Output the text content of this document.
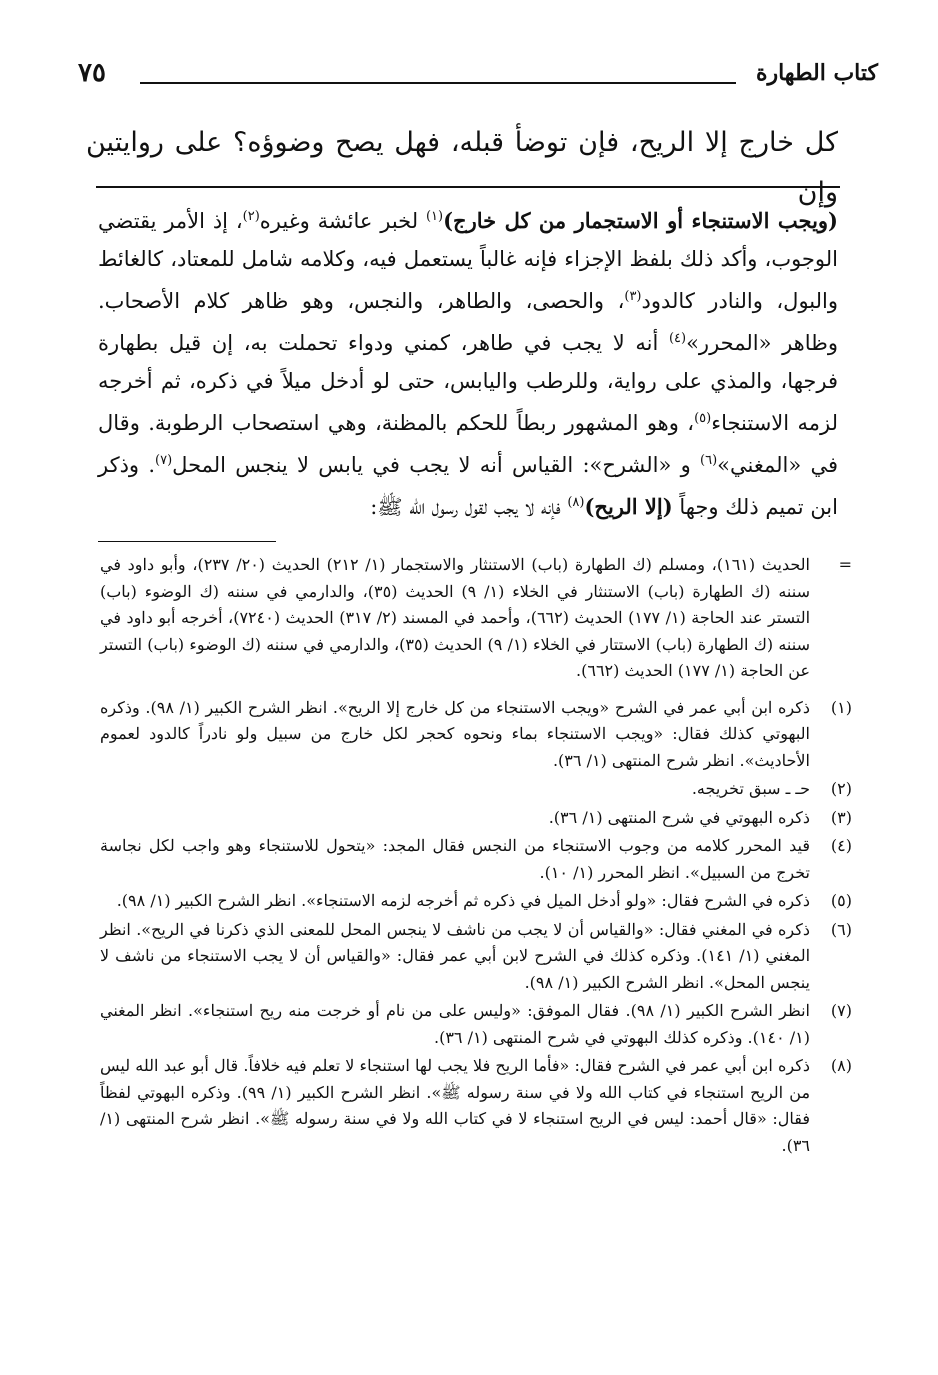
كتاب الطهارة
٧٥
كل خارج إلا الريح، فإن توضأ قبله، فهل يصح وضوؤه؟ على روايتين وإن
(ويجب الاستنجاء أو الاستجمار من كل خارج)$^{(١)}$ لخبر عائشة وغيره$^{(٢)}$، إذ الأمر يقتضي الوجوب، وأكد ذلك بلفظ الإجزاء فإنه غالباً يستعمل فيه، وكلامه شامل للمعتاد، كالغائط والبول، والنادر كالدود$^{(٣)}$، والحصى، والطاهر، والنجس، وهو ظاهر كلام الأصحاب. وظاهر «المحرر»$^{(٤)}$ أنه لا يجب في طاهر، كمني ودواء تحملت به، إن قيل بطهارة فرجها، والمذي على رواية، وللرطب واليابس، حتى لو أدخل ميلاً في ذكره، ثم أخرجه لزمه الاستنجاء$^{(٥)}$، وهو المشهور ربطاً للحكم بالمظنة، وهي استصحاب الرطوبة. وقال في «المغني»$^{(٦)}$ و «الشرح»: القياس أنه لا يجب في يابس لا ينجس المحل$^{(٧)}$. وذكر ابن تميم ذلك وجهاً (إلا الريح)$^{(٨)}$ فإنه لا يجب لقول رسول الله ﷺ:
=
الحديث (١٦١)، ومسلم (ك الطهارة (باب) الاستنثار والاستجمار (١/ ٢١٢) الحديث (٢٠/ ٢٣٧)، وأبو داود في سننه (ك الطهارة (باب) الاستنثار في الخلاء (١/ ٩) الحديث (٣٥)، والدارمي في سننه (ك الوضوء (باب) التستر عند الحاجة (١/ ١٧٧) الحديث (٦٦٢)، وأحمد في المسند (٢/ ٣١٧) الحديث (٧٢٤٠)، أخرجه أبو داود في سننه (ك الطهارة (باب) الاستتار في الخلاء (١/ ٩) الحديث (٣٥)، والدارمي في سننه (ك الوضوء (باب) التستر عن الحاجة (١/ ١٧٧) الحديث (٦٦٢).
(١)
ذكره ابن أبي عمر في الشرح «ويجب الاستنجاء من كل خارج إلا الريح». انظر الشرح الكبير (١/ ٩٨). وذكره البهوتي كذلك فقال: «ويجب الاستنجاء بماء ونحوه كحجر لكل خارج من سبيل ولو نادراً كالدود لعموم الأحاديث». انظر شرح المنتهى (١/ ٣٦).
(٢)
حـ ـ سبق تخريجه.
(٣)
ذكره البهوتي في شرح المنتهى (١/ ٣٦).
(٤)
قيد المحرر كلامه من وجوب الاستنجاء من النجس فقال المجد: «يتحول للاستنجاء وهو واجب لكل نجاسة تخرج من السبيل». انظر المحرر (١/ ١٠).
(٥)
ذكره في الشرح فقال: «ولو أدخل الميل في ذكره ثم أخرجه لزمه الاستنجاء». انظر الشرح الكبير (١/ ٩٨).
(٦)
ذكره في المغني فقال: «والقياس أن لا يجب من ناشف لا ينجس المحل للمعنى الذي ذكرنا في الريح». انظر المغني (١/ ١٤١). وذكره كذلك في الشرح لابن أبي عمر فقال: «والقياس أن لا يجب الاستنجاء من ناشف لا ينجس المحل». انظر الشرح الكبير (١/ ٩٨).
(٧)
انظر الشرح الكبير (١/ ٩٨). فقال الموفق: «وليس على من نام أو خرجت منه ريح استنجاء». انظر المغني (١/ ١٤٠). وذكره كذلك البهوتي في شرح المنتهى (١/ ٣٦).
(٨)
ذكره ابن أبي عمر في الشرح فقال: «فأما الريح فلا يجب لها استنجاء لا تعلم فيه خلافاً. قال أبو عبد الله ليس من الريح استنجاء في كتاب الله ولا في سنة رسوله ﷺ». انظر الشرح الكبير (١/ ٩٩). وذكره البهوتي لفظاً فقال: «قال أحمد: ليس في الريح استنجاء لا في كتاب الله ولا في سنة رسوله ﷺ». انظر شرح المنتهى (١/ ٣٦).
